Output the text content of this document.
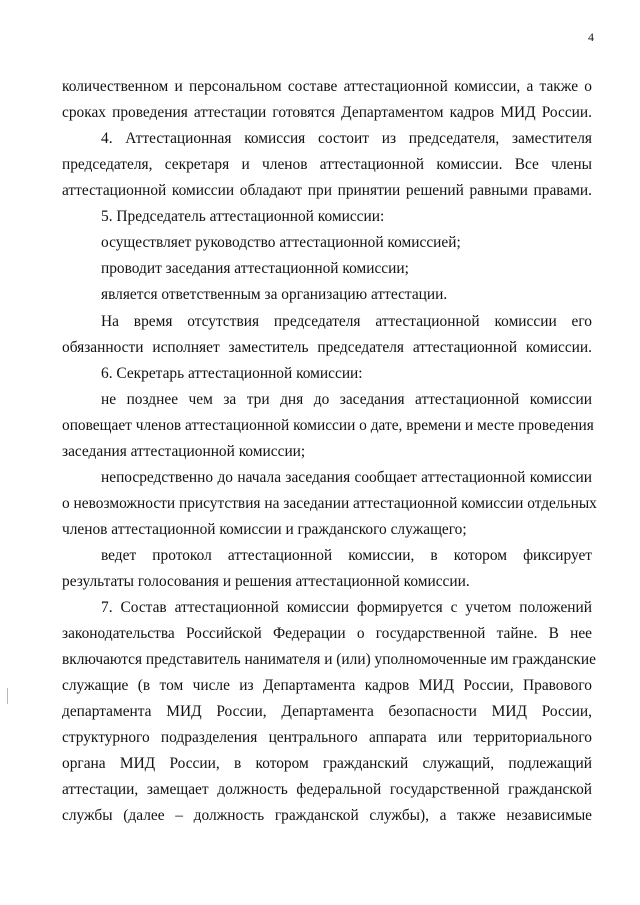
4
количественном и персональном составе аттестационной комиссии, а также о
сроках проведения аттестации готовятся Департаментом кадров МИД России.
4. Аттестационная комиссия состоит из председателя, заместителя
председателя, секретаря и членов аттестационной комиссии. Все члены
аттестационной комиссии обладают при принятии решений равными правами.
5. Председатель аттестационной комиссии:
осуществляет руководство аттестационной комиссией;
проводит заседания аттестационной комиссии;
является ответственным за организацию аттестации.
На время отсутствия председателя аттестационной комиссии его
обязанности исполняет заместитель председателя аттестационной комиссии.
6. Секретарь аттестационной комиссии:
не позднее чем за три дня до заседания аттестационной комиссии
оповещает членов аттестационной комиссии о дате, времени и месте проведения
заседания аттестационной комиссии;
непосредственно до начала заседания сообщает аттестационной комиссии
о невозможности присутствия на заседании аттестационной комиссии отдельных
членов аттестационной комиссии и гражданского служащего;
ведет протокол аттестационной комиссии, в котором фиксирует
результаты голосования и решения аттестационной комиссии.
7. Состав аттестационной комиссии формируется с учетом положений
законодательства Российской Федерации о государственной тайне. В нее
включаются представитель нанимателя и (или) уполномоченные им гражданские
служащие (в том числе из Департамента кадров МИД России, Правового
департамента МИД России, Департамента безопасности МИД России,
структурного подразделения центрального аппарата или территориального
органа МИД России, в котором гражданский служащий, подлежащий
аттестации, замещает должность федеральной государственной гражданской
службы (далее – должность гражданской службы), а также независимые
